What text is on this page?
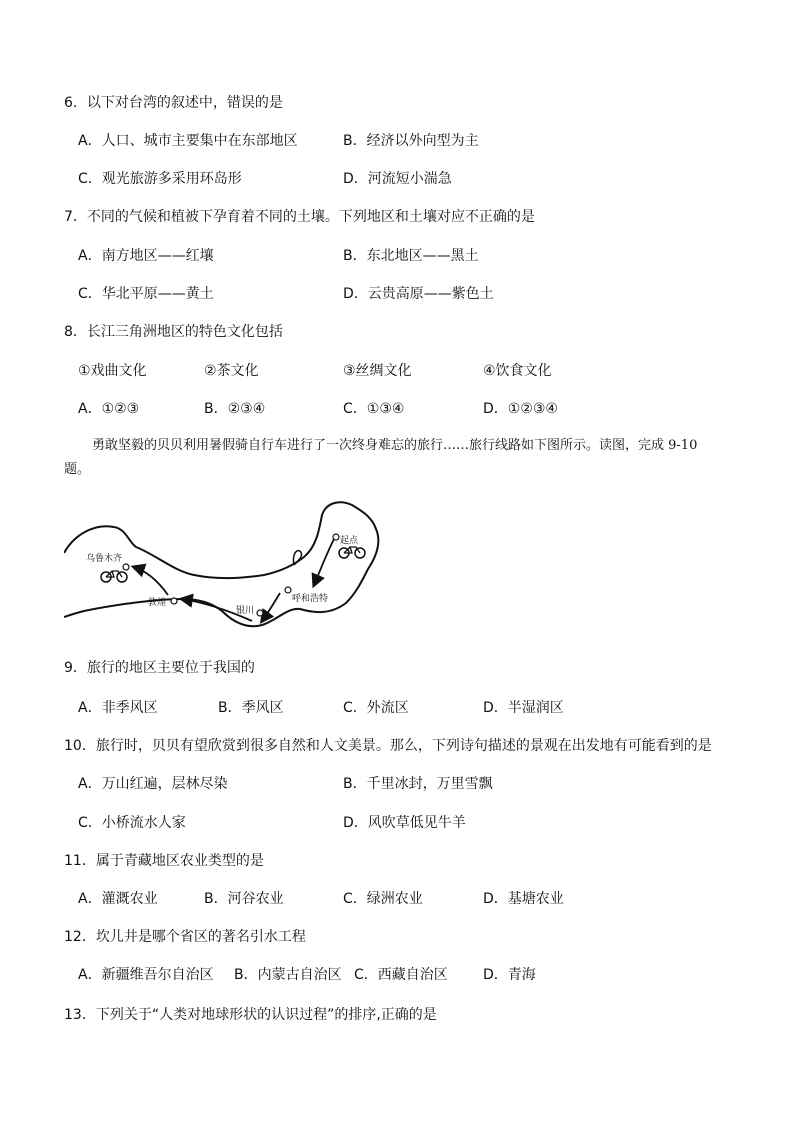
6．以下对台湾的叙述中，错误的是
A．人口、城市主要集中在东部地区	B．经济以外向型为主
C．观光旅游多采用环岛形	D．河流短小湍急
7．不同的气候和植被下孕育着不同的土壤。下列地区和土壤对应不正确的是
A．南方地区——红壤	B．东北地区——黑土
C．华北平原——黄土	D．云贵高原——紫色土
8．长江三角洲地区的特色文化包括
①戏曲文化	②茶文化	③丝绸文化	④饮食文化
A．①②③	B．②③④	C．①③④	D．①②③④
勇敢坚毅的贝贝利用暑假骑自行车进行了一次终身难忘的旅行……旅行线路如下图所示。读图，完成 9-10
题。
乌鲁木齐
起点
呼和浩特
银川
敦煌
9．旅行的地区主要位于我国的
A．非季风区	B．季风区	C．外流区	D．半湿润区
10．旅行时，贝贝有望欣赏到很多自然和人文美景。那么，下列诗句描述的景观在出发地有可能看到的是
A．万山红遍，层林尽染	B．千里冰封，万里雪飘
C．小桥流水人家	D．风吹草低见牛羊
11．属于青藏地区农业类型的是
A．灌溉农业	B．河谷农业	C．绿洲农业	D．基塘农业
12．坎儿井是哪个省区的著名引水工程
A．新疆维吾尔自治区 B．内蒙古自治区 C．西藏自治区	D．青海
13．下列关于“人类对地球形状的认识过程”的排序,正确的是
